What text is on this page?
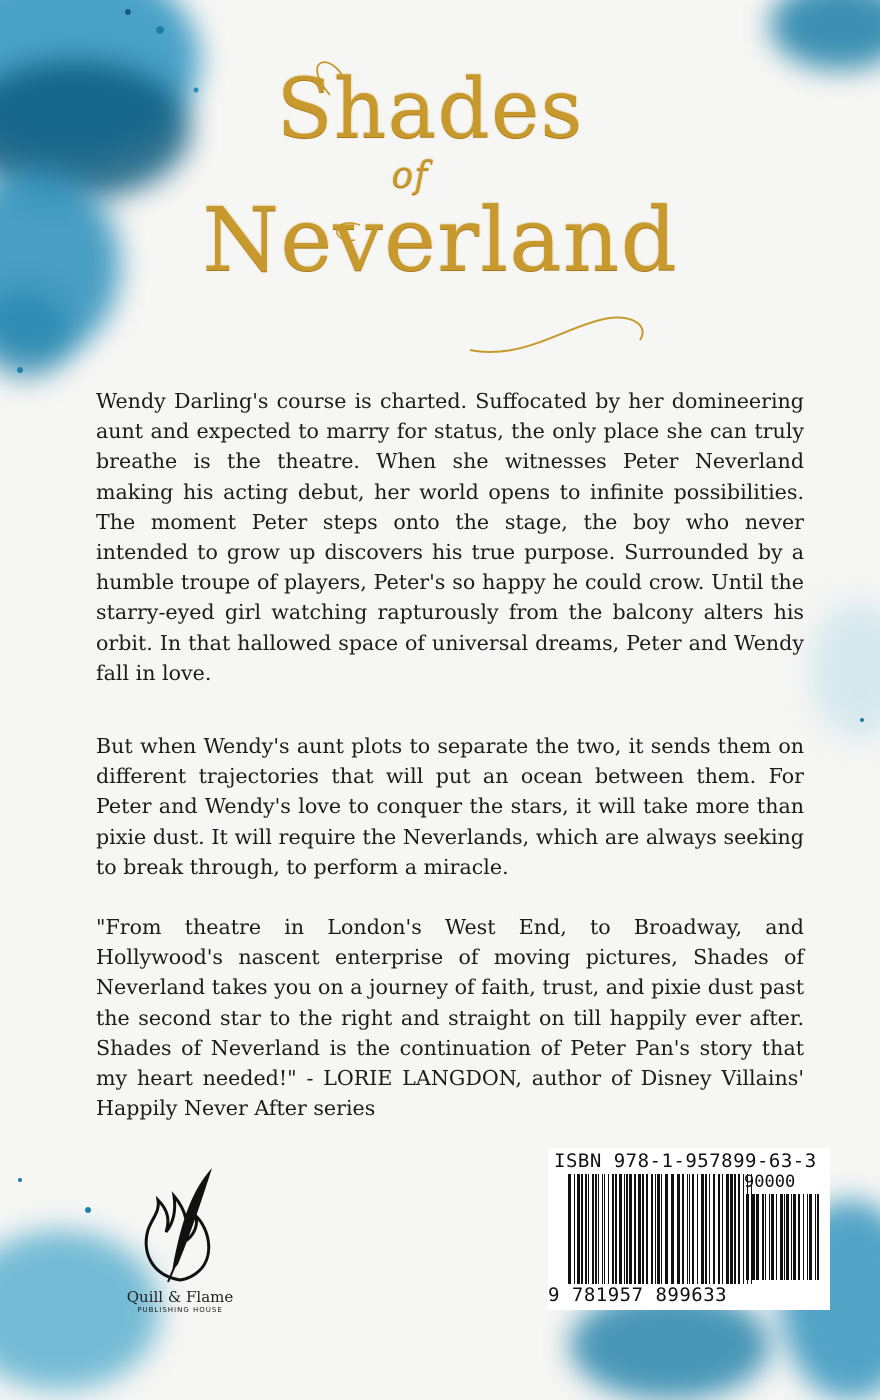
Shades
of
Neverland

Wendy Darling's course is charted. Suffocated by her domineering aunt and expected to marry for status, the only place she can truly breathe is the theatre. When she witnesses Peter Neverland making his acting debut, her world opens to infinite possibilities. The moment Peter steps onto the stage, the boy who never intended to grow up discovers his true purpose. Surrounded by a humble troupe of players, Peter's so happy he could crow. Until the starry-eyed girl watching rapturously from the balcony alters his orbit. In that hallowed space of universal dreams, Peter and Wendy fall in love.

But when Wendy's aunt plots to separate the two, it sends them on different trajectories that will put an ocean between them. For Peter and Wendy's love to conquer the stars, it will take more than pixie dust. It will require the Neverlands, which are always seeking to break through, to perform a miracle.

"From theatre in London's West End, to Broadway, and Hollywood's nascent enterprise of moving pictures, Shades of Neverland takes you on a journey of faith, trust, and pixie dust past the second star to the right and straight on till happily ever after. Shades of Neverland is the continuation of Peter Pan's story that my heart needed!" - LORIE LANGDON, author of Disney Villains' Happily Never After series

Quill & Flame
PUBLISHING HOUSE
ISBN 978-1-957899-63-3
90000
9 781957 899633
